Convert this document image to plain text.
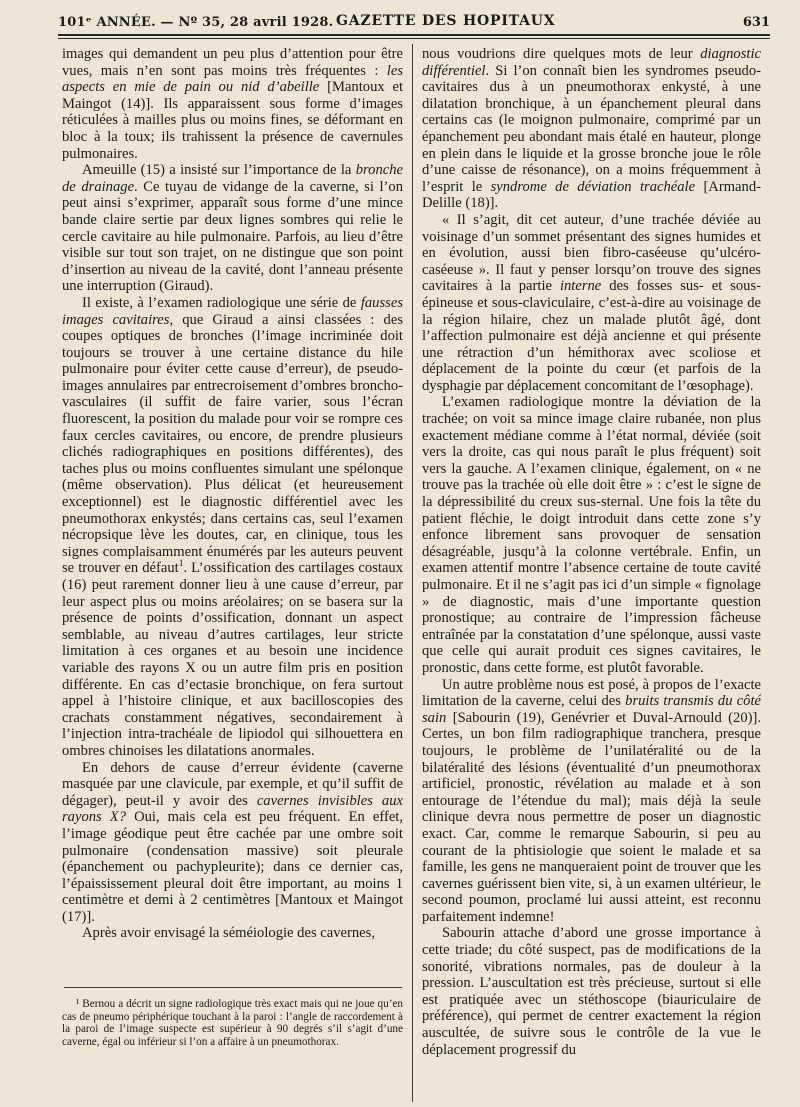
101ᵉ ANNÉE. — Nº 35, 28 avril 1928. GAZETTE DES HOPITAUX	631

images qui demandent un peu plus d’attention pour être vues, mais n’en sont pas moins très fréquentes : les aspects en mie de pain ou nid d’abeille [Mantoux et Maingot (14)]. Ils apparaissent sous forme d’images réticulées à mailles plus ou moins fines, se déformant en bloc à la toux; ils trahissent la présence de cavernules pulmonaires.

Ameuille (15) a insisté sur l’importance de la bronche de drainage. Ce tuyau de vidange de la caverne, si l’on peut ainsi s’exprimer, apparaît sous forme d’une mince bande claire sertie par deux lignes sombres qui relie le cercle cavitaire au hile pulmonaire. Parfois, au lieu d’être visible sur tout son trajet, on ne distingue que son point d’insertion au niveau de la cavité, dont l’anneau présente une interruption (Giraud).

Il existe, à l’examen radiologique une série de fausses images cavitaires, que Giraud a ainsi classées : des coupes optiques de bronches (l’image incriminée doit toujours se trouver à une certaine distance du hile pulmonaire pour éviter cette cause d’erreur), de pseudo-images annulaires par entrecroisement d’ombres broncho-vasculaires (il suffit de faire varier, sous l’écran fluorescent, la position du malade pour voir se rompre ces faux cercles cavitaires, ou encore, de prendre plusieurs clichés radiographiques en positions différentes), des taches plus ou moins confluentes simulant une spélonque (même observation). Plus délicat (et heureusement exceptionnel) est le diagnostic différentiel avec les pneumothorax enkystés; dans certains cas, seul l’examen nécropsique lève les doutes, car, en clinique, tous les signes complaisamment énumérés par les auteurs peuvent se trouver en défaut$^1$. L’ossification des cartilages costaux (16) peut rarement donner lieu à une cause d’erreur, par leur aspect plus ou moins aréolaires; on se basera sur la présence de points d’ossification, donnant un aspect semblable, au niveau d’autres cartilages, leur stricte limitation à ces organes et au besoin une incidence variable des rayons X ou un autre film pris en position différente. En cas d’ectasie bronchique, on fera surtout appel à l’histoire clinique, et aux bacilloscopies des crachats constamment négatives, secondairement à l’injection intra-trachéale de lipiodol qui silhouettera en ombres chinoises les dilatations anormales.

En dehors de cause d’erreur évidente (caverne masquée par une clavicule, par exemple, et qu’il suffit de dégager), peut-il y avoir des cavernes invisibles aux rayons X? Oui, mais cela est peu fréquent. En effet, l’image géodique peut être cachée par une ombre soit pulmonaire (condensation massive) soit pleurale (épanchement ou pachypleurite); dans ce dernier cas, l’épaississement pleural doit être important, au moins 1 centimètre et demi à 2 centimètres [Mantoux et Maingot (17)].

Après avoir envisagé la séméiologie des cavernes,

nous voudrions dire quelques mots de leur diagnostic différentiel. Si l’on connaît bien les syndromes pseudo-cavitaires dus à un pneumothorax enkysté, à une dilatation bronchique, à un épanchement pleural dans certains cas (le moignon pulmonaire, comprimé par un épanchement peu abondant mais étalé en hauteur, plonge en plein dans le liquide et la grosse bronche joue le rôle d’une caisse de résonance), on a moins fréquemment à l’esprit le syndrome de déviation trachéale [Armand-Delille (18)].

« Il s’agit, dit cet auteur, d’une trachée déviée au voisinage d’un sommet présentant des signes humides et en évolution, aussi bien fibro-caséeuse qu’ulcéro-caséeuse ». Il faut y penser lorsqu’on trouve des signes cavitaires à la partie interne des fosses sus- et sous-épineuse et sous-claviculaire, c’est-à-dire au voisinage de la région hilaire, chez un malade plutôt âgé, dont l’affection pulmonaire est déjà ancienne et qui présente une rétraction d’un hémithorax avec scoliose et déplacement de la pointe du cœur (et parfois de la dysphagie par déplacement concomitant de l’œsophage).

L’examen radiologique montre la déviation de la trachée; on voit sa mince image claire rubanée, non plus exactement médiane comme à l’état normal, déviée (soit vers la droite, cas qui nous paraît le plus fréquent) soit vers la gauche. A l’examen clinique, également, on « ne trouve pas la trachée où elle doit être » : c’est le signe de la dépressibilité du creux sus-sternal. Une fois la tête du patient fléchie, le doigt introduit dans cette zone s’y enfonce librement sans provoquer de sensation désagréable, jusqu’à la colonne vertébrale. Enfin, un examen attentif montre l’absence certaine de toute cavité pulmonaire. Et il ne s’agit pas ici d’un simple « fignolage » de diagnostic, mais d’une importante question pronostique; au contraire de l’impression fâcheuse entraînée par la constatation d’une spélonque, aussi vaste que celle qui aurait produit ces signes cavitaires, le pronostic, dans cette forme, est plutôt favorable.

Un autre problème nous est posé, à propos de l’exacte limitation de la caverne, celui des bruits transmis du côté sain [Sabourin (19), Genévrier et Duval-Arnould (20)]. Certes, un bon film radiographique tranchera, presque toujours, le problème de l’unilatéralité ou de la bilatéralité des lésions (éventualité d’un pneumothorax artificiel, pronostic, révélation au malade et à son entourage de l’étendue du mal); mais déjà la seule clinique devra nous permettre de poser un diagnostic exact. Car, comme le remarque Sabourin, si peu au courant de la phtisiologie que soient le malade et sa famille, les gens ne manqueraient point de trouver que les cavernes guérissent bien vite, si, à un examen ultérieur, le second poumon, proclamé lui aussi atteint, est reconnu parfaitement indemne!

Sabourin attache d’abord une grosse importance à cette triade; du côté suspect, pas de modifications de la sonorité, vibrations normales, pas de douleur à la pression. L’auscultation est très précieuse, surtout si elle est pratiquée avec un stéthoscope (biauriculaire de préférence), qui permet de centrer exactement la région auscultée, de suivre sous le contrôle de la vue le déplacement progressif du

¹ Bernou a décrit un signe radiologique très exact mais qui ne joue qu’en cas de pneumo périphérique touchant à la paroi : l’angle de raccordement à la paroi de l’image suspecte est supérieur à 90 degrés s’il s’agit d’une caverne, égal ou inférieur si l’on a affaire à un pneumothorax.
